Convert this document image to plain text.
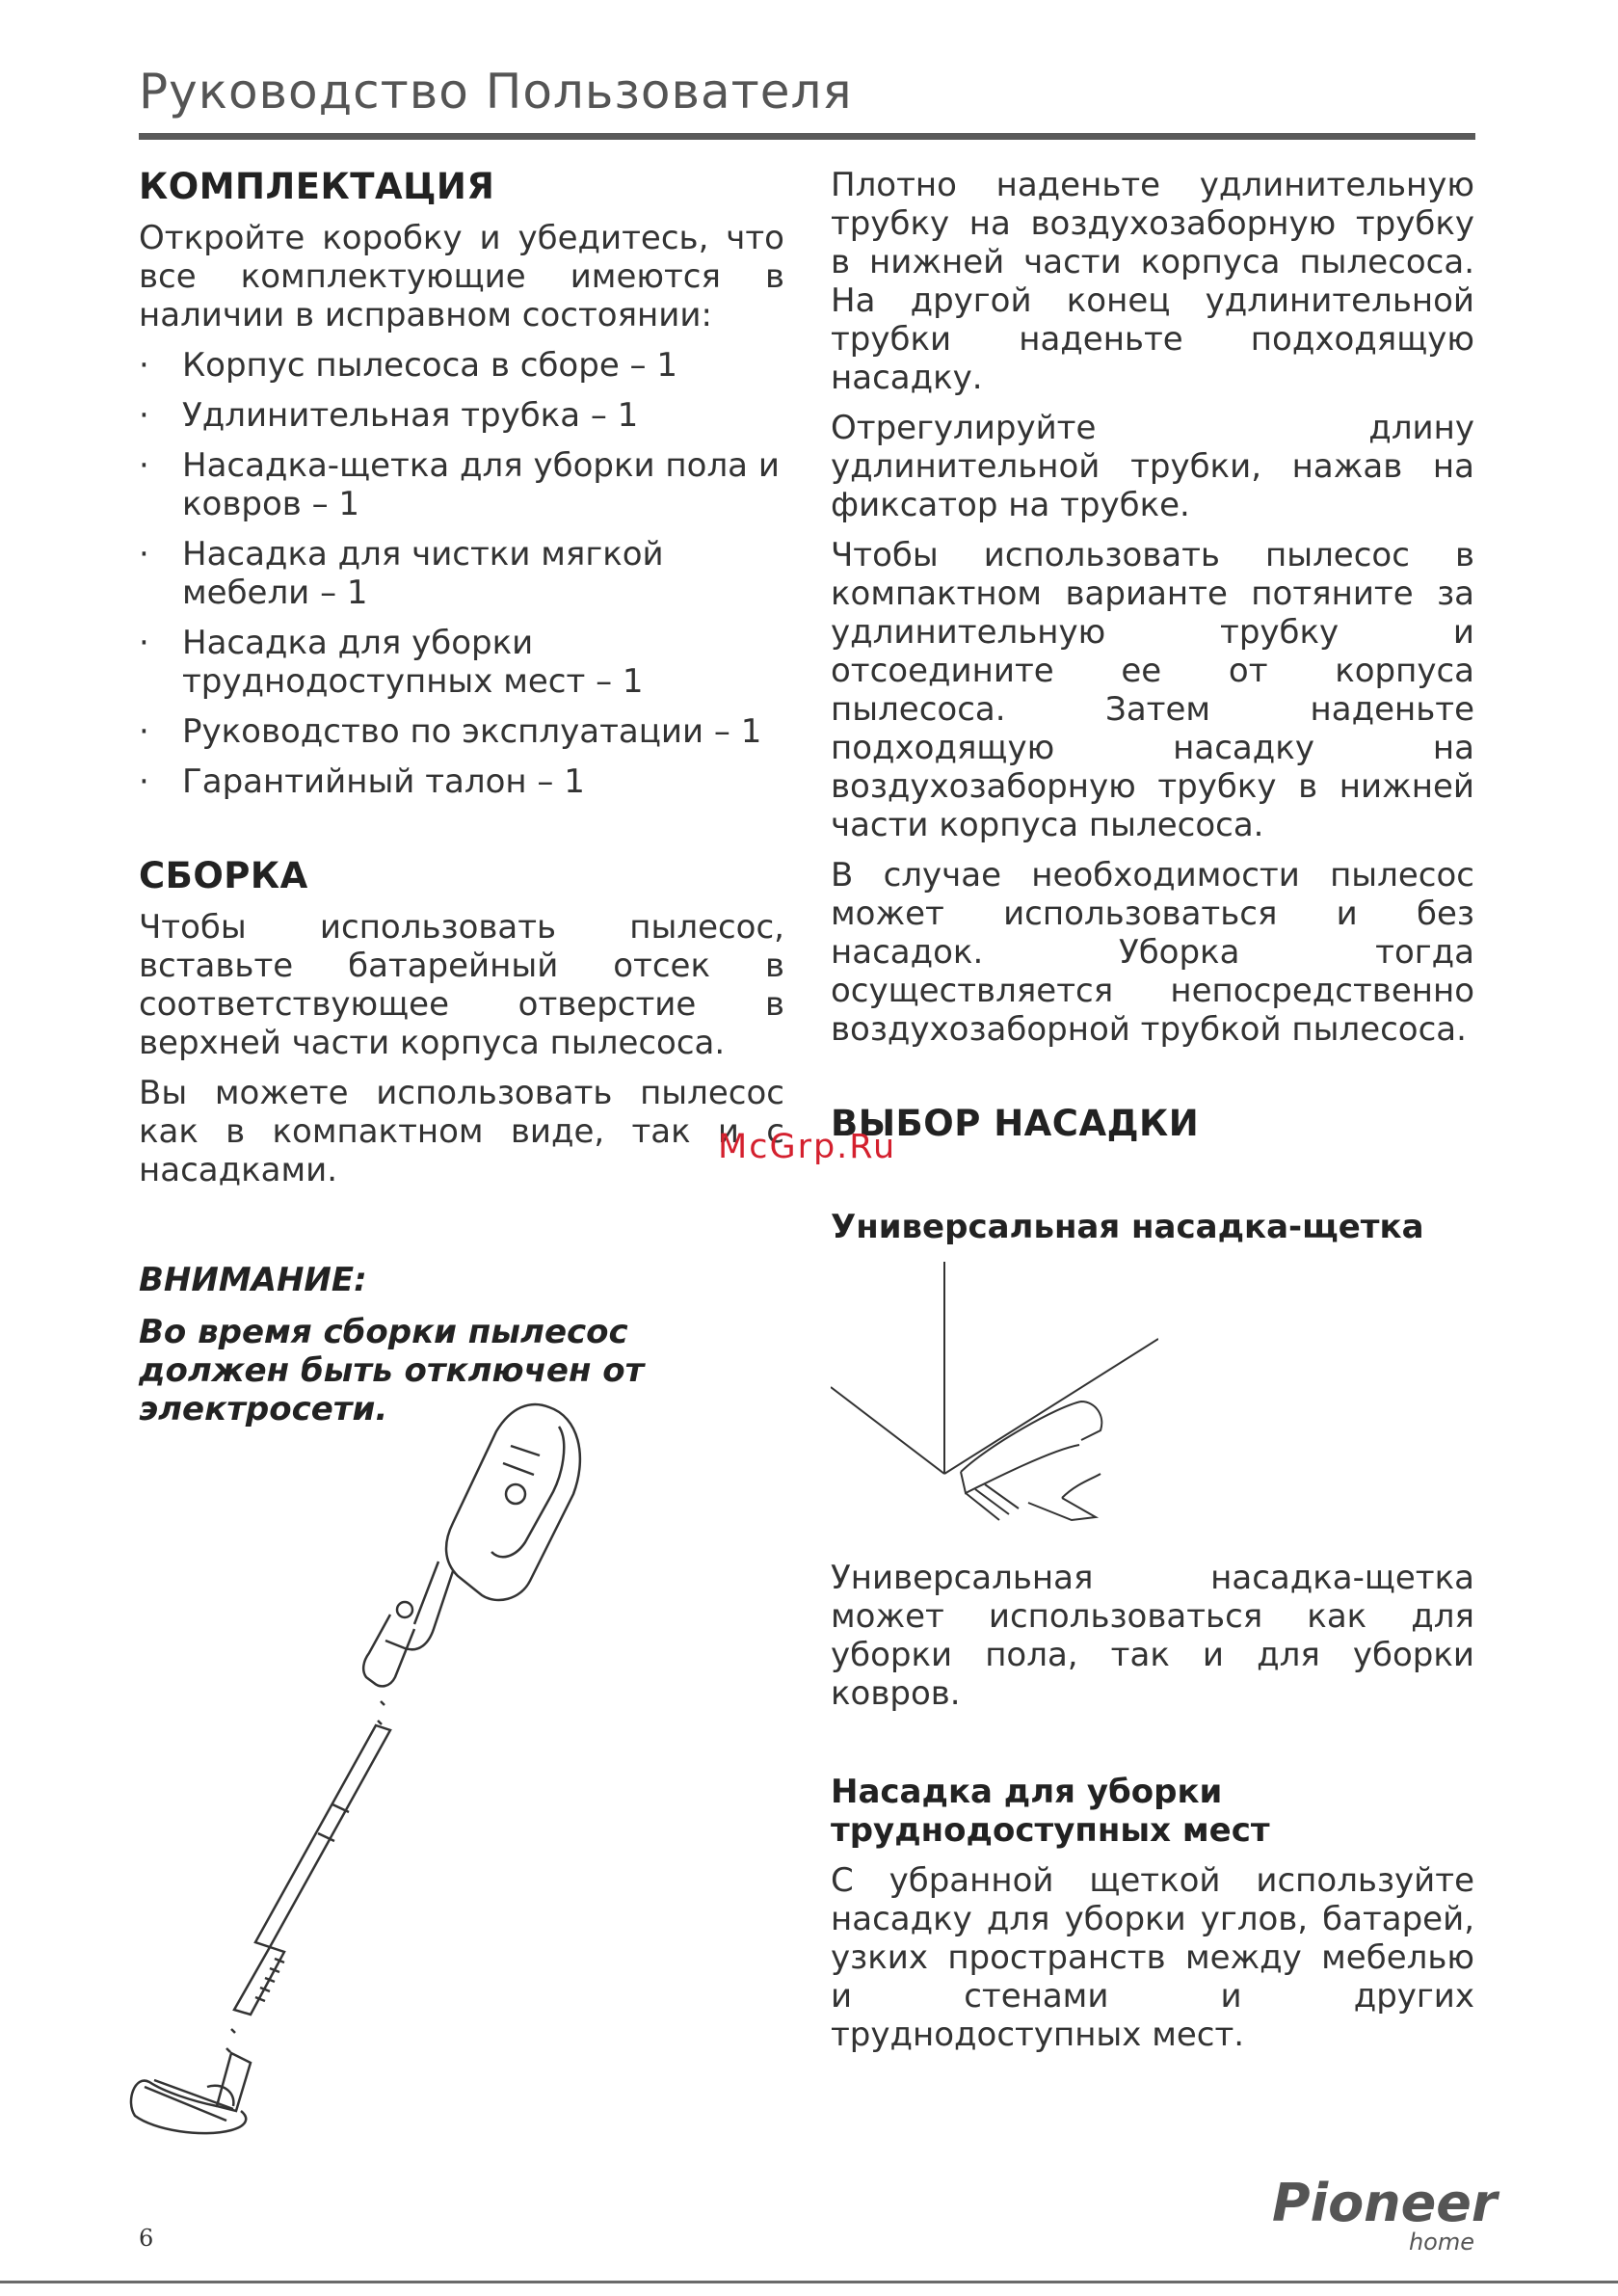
Руководство Пользователя
КОМПЛЕКТАЦИЯ

Откройте коробку и убедитесь, что все комплектующие имеются в наличии в исправном состоянии:

· Корпус пылесоса в сборе – 1
· Удлинительная трубка – 1
· Насадка-щетка для уборки пола и ковров – 1
· Насадка для чистки мягкой мебели – 1
· Насадка для уборки труднодоступных мест – 1
· Руководство по эксплуатации – 1
· Гарантийный талон – 1
СБОРКА

Чтобы использовать пылесос, вставьте батарейный отсек в соответствующее отверстие в верхней части корпуса пылесоса.

Вы можете использовать пылесос как в компактном виде, так и с насадками.

ВНИМАНИЕ:

Во время сборки пылесос должен быть отключен от электросети.

Плотно наденьте удлинительную трубку на воздухозаборную трубку в нижней части корпуса пылесоса. На другой конец удлинительной трубки наденьте подходящую насадку.

Отрегулируйте длину удлинительной трубки, нажав на фиксатор на трубке.

Чтобы использовать пылесос в компактном варианте потяните за удлинительную трубку и отсоедините ее от корпуса пылесоса. Затем наденьте подходящую насадку на воздухозаборную трубку в нижней части корпуса пылесоса.

В случае необходимости пылесос может использоваться и без насадок. Уборка тогда осуществляется непосредственно воздухозаборной трубкой пылесоса.

ВЫБОР НАСАДКИ
Универсальная насадка-щетка

Универсальная насадка-щетка может использоваться как для уборки пола, так и для уборки ковров.

Насадка для уборки труднодоступных мест

С убранной щеткой используйте насадку для уборки углов, батарей, узких пространств между мебелью и стенами и других труднодоступных мест.

McGrp.Ru
6
Pioneer
home
